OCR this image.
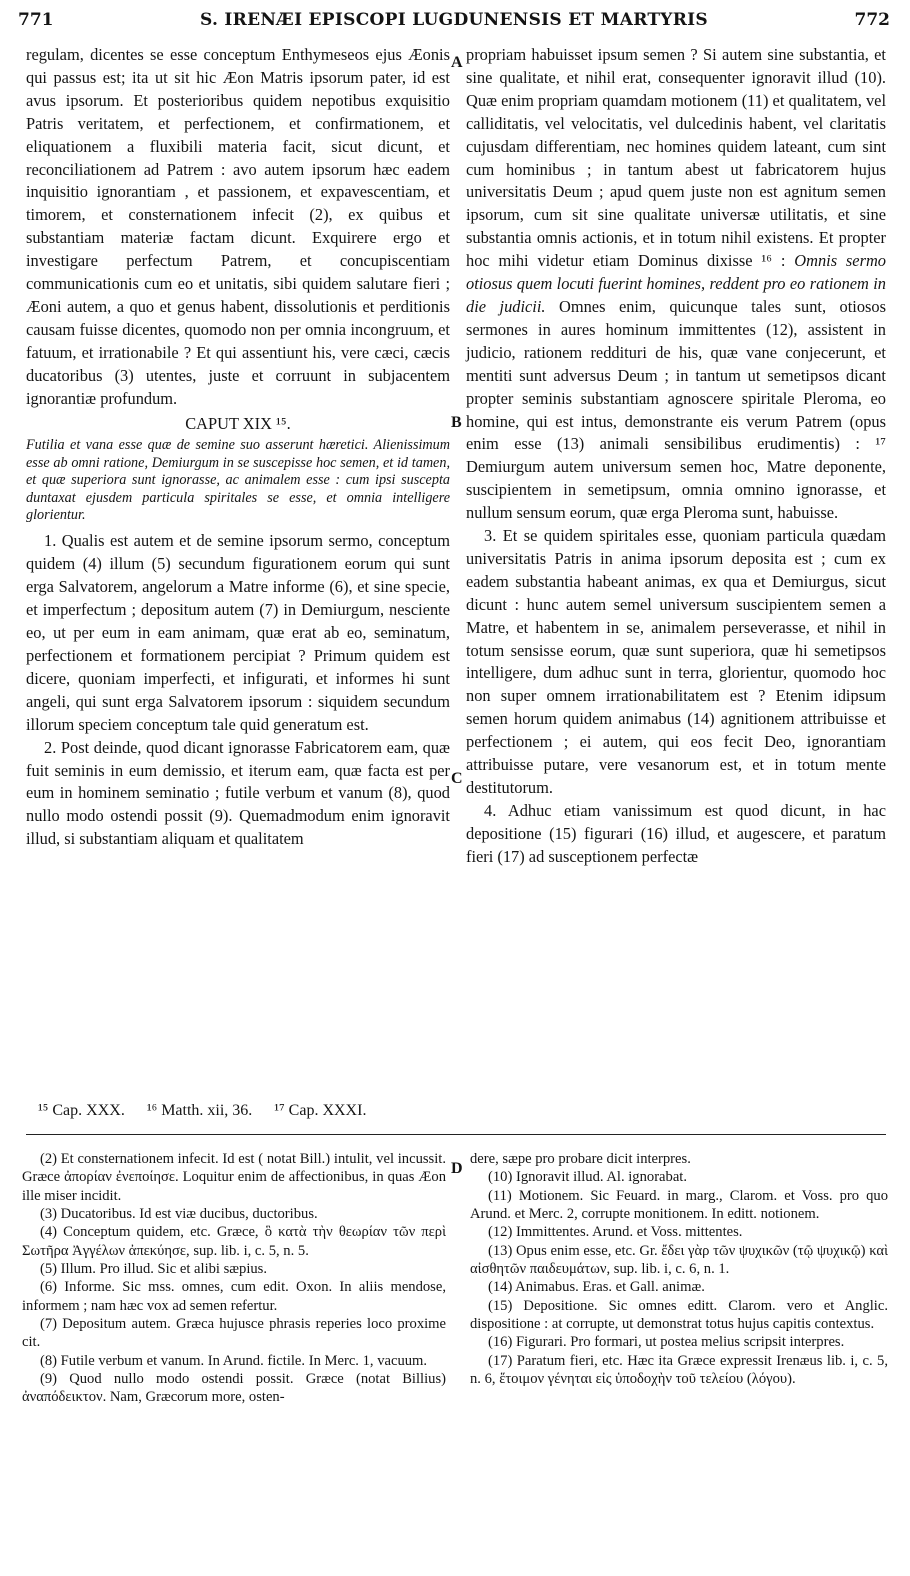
771	S. IRENÆI EPISCOPI LUGDUNENSIS ET MARTYRIS	772

regulam, dicentes se esse conceptum Enthymeseos ejus Æonis qui passus est; ita ut sit hic Æon Matris ipsorum pater, id est avus ipsorum. Et posterioribus quidem nepotibus exquisitio Patris veritatem, et perfectionem, et confirmationem, et eliquationem a fluxibili materia facit, sicut dicunt, et reconciliationem ad Patrem : avo autem ipsorum hæc eadem inquisitio ignorantiam , et passionem, et expavescentiam, et timorem, et consternationem infecit (2), ex quibus et substantiam materiæ factam dicunt. Exquirere ergo et investigare perfectum Patrem, et concupiscentiam communicationis cum eo et unitatis, sibi quidem salutare fieri ; Æoni autem, a quo et genus habent, dissolutionis et perditionis causam fuisse dicentes, quomodo non per omnia incongruum, et fatuum, et irrationabile ? Et qui assentiunt his, vere cæci, cæcis ducatoribus (3) utentes, juste et corruunt in subjacentem ignorantiæ profundum.

CAPUT XIX ¹⁵.

Futilia et vana esse quæ de semine suo asserunt hæretici. Alienissimum esse ab omni ratione, Demiurgum in se suscepisse hoc semen, et id tamen, et quæ superiora sunt ignorasse, ac animalem esse : cum ipsi suscepta duntaxat ejusdem particula spiritales se esse, et omnia intelligere glorientur.

1. Qualis est autem et de semine ipsorum sermo, conceptum quidem (4) illum (5) secundum figurationem eorum qui sunt erga Salvatorem, angelorum a Matre informe (6), et sine specie, et imperfectum ; depositum autem (7) in Demiurgum, nesciente eo, ut per eum in eam animam, quæ erat ab eo, seminatum, perfectionem et formationem percipiat ? Primum quidem est dicere, quoniam imperfecti, et infigurati, et informes hi sunt angeli, qui sunt erga Salvatorem ipsorum : siquidem secundum illorum speciem conceptum tale quid generatum est.

2. Post deinde, quod dicant ignorasse Fabricatorem eam, quæ fuit seminis in eum demissio, et iterum eam, quæ facta est per eum in hominem seminatio ; futile verbum et vanum (8), quod nullo modo ostendi possit (9). Quemadmodum enim ignoravit illud, si substantiam aliquam et qualitatem

propriam habuisset ipsum semen ? Si autem sine substantia, et sine qualitate, et nihil erat, consequenter ignoravit illud (10). Quæ enim propriam quamdam motionem (11) et qualitatem, vel calliditatis, vel velocitatis, vel dulcedinis habent, vel claritatis cujusdam differentiam, nec homines quidem lateant, cum sint cum hominibus ; in tantum abest ut fabricatorem hujus universitatis Deum ; apud quem juste non est agnitum semen ipsorum, cum sit sine qualitate universæ utilitatis, et sine substantia omnis actionis, et in totum nihil existens. Et propter hoc mihi videtur etiam Dominus dixisse ¹⁶ : Omnis sermo otiosus quem locuti fuerint homines, reddent pro eo rationem in die judicii. Omnes enim, quicunque tales sunt, otiosos sermones in aures hominum immittentes (12), assistent in judicio, rationem reddituri de his, quæ vane conjecerunt, et mentiti sunt adversus Deum ; in tantum ut semetipsos dicant propter seminis substantiam agnoscere spiritale Pleroma, eo homine, qui est intus, demonstrante eis verum Patrem (opus enim esse (13) animali sensibilibus erudimentis) : ¹⁷ Demiurgum autem universum semen hoc, Matre deponente, suscipientem in semetipsum, omnia omnino ignorasse, et nullum sensum eorum, quæ erga Pleroma sunt, habuisse.

3. Et se quidem spiritales esse, quoniam particula quædam universitatis Patris in anima ipsorum deposita est ; cum ex eadem substantia habeant animas, ex qua et Demiurgus, sicut dicunt : hunc autem semel universum suscipientem semen a Matre, et habentem in se, animalem perseverasse, et nihil in totum sensisse eorum, quæ sunt superiora, quæ hi semetipsos intelligere, dum adhuc sunt in terra, glorientur, quomodo hoc non super omnem irrationabilitatem est ? Etenim idipsum semen horum quidem animabus (14) agnitionem attribuisse et perfectionem ; ei autem, qui eos fecit Deo, ignorantiam attribuisse putare, vere vesanorum est, et in totum mente destitutorum.

4. Adhuc etiam vanissimum est quod dicunt, in hac depositione (15) figurari (16) illud, et augescere, et paratum fieri (17) ad susceptionem perfectæ

A
B
C
D
¹⁵ Cap. XXX. ¹⁶ Matth. xii, 36. ¹⁷ Cap. XXXI.

(2) Et consternationem infecit. Id est ( notat Bill.) intulit, vel incussit. Græce ἀπορίαν ἐνεποίησε. Loquitur enim de affectionibus, in quas Æon ille miser incidit.

(3) Ducatoribus. Id est viæ ducibus, ductoribus.

(4) Conceptum quidem, etc. Græce, ὃ κατὰ τὴν θεωρίαν τῶν περὶ Σωτῆρα Ἀγγέλων ἀπεκύησε, sup. lib. i, c. 5, n. 5.

(5) Illum. Pro illud. Sic et alibi sæpius.

(6) Informe. Sic mss. omnes, cum edit. Oxon. In aliis mendose, informem ; nam hæc vox ad semen refertur.

(7) Depositum autem. Græca hujusce phrasis reperies loco proxime cit.

(8) Futile verbum et vanum. In Arund. fictile. In Merc. 1, vacuum.

(9) Quod nullo modo ostendi possit. Græce (notat Billius) ἀναπόδεικτον. Nam, Græcorum more, osten-

dere, sæpe pro probare dicit interpres.

(10) Ignoravit illud. Al. ignorabat.

(11) Motionem. Sic Feuard. in marg., Clarom. et Voss. pro quo Arund. et Merc. 2, corrupte monitionem. In editt. notionem.

(12) Immittentes. Arund. et Voss. mittentes.

(13) Opus enim esse, etc. Gr. ἔδει γὰρ τῶν ψυχικῶν (τῷ ψυχικῷ) καὶ αἰσθητῶν παιδευμάτων, sup. lib. i, c. 6, n. 1.

(14) Animabus. Eras. et Gall. animæ.

(15) Depositione. Sic omnes editt. Clarom. vero et Anglic. dispositione : at corrupte, ut demonstrat totus hujus capitis contextus.

(16) Figurari. Pro formari, ut postea melius scripsit interpres.

(17) Paratum fieri, etc. Hæc ita Græce expressit Irenæus lib. i, c. 5, n. 6, ἕτοιμον γένηται εἰς ὑποδοχὴν τοῦ τελείου (λόγου).
